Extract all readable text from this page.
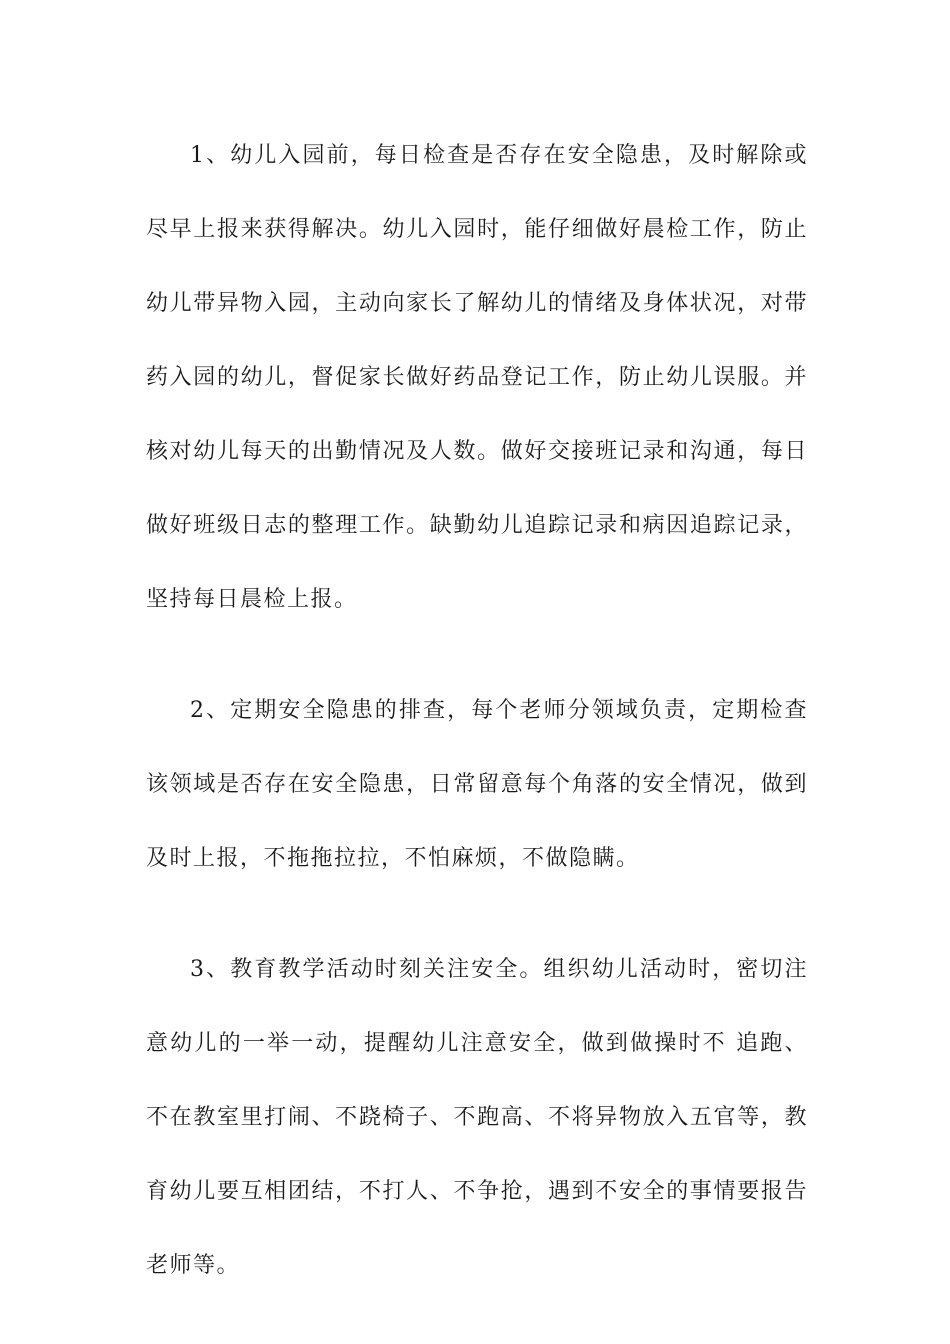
1、幼儿入园前，每日检查是否存在安全隐患，及时解除或尽早上报来获得解决。幼儿入园时，能仔细做好晨检工作，防止幼儿带异物入园，主动向家长了解幼儿的情绪及身体状况，对带药入园的幼儿，督促家长做好药品登记工作，防止幼儿误服。并核对幼儿每天的出勤情况及人数。做好交接班记录和沟通，每日做好班级日志的整理工作。缺勤幼儿追踪记录和病因追踪记录，坚持每日晨检上报。

2、定期安全隐患的排查，每个老师分领域负责，定期检查该领域是否存在安全隐患，日常留意每个角落的安全情况，做到及时上报，不拖拖拉拉，不怕麻烦，不做隐瞒。

3、教育教学活动时刻关注安全。组织幼儿活动时，密切注意幼儿的一举一动，提醒幼儿注意安全，做到做操时不 追跑、不在教室里打闹、不跷椅子、不跑高、不将异物放入五官等，教育幼儿要互相团结，不打人、不争抢，遇到不安全的事情要报告老师等。
